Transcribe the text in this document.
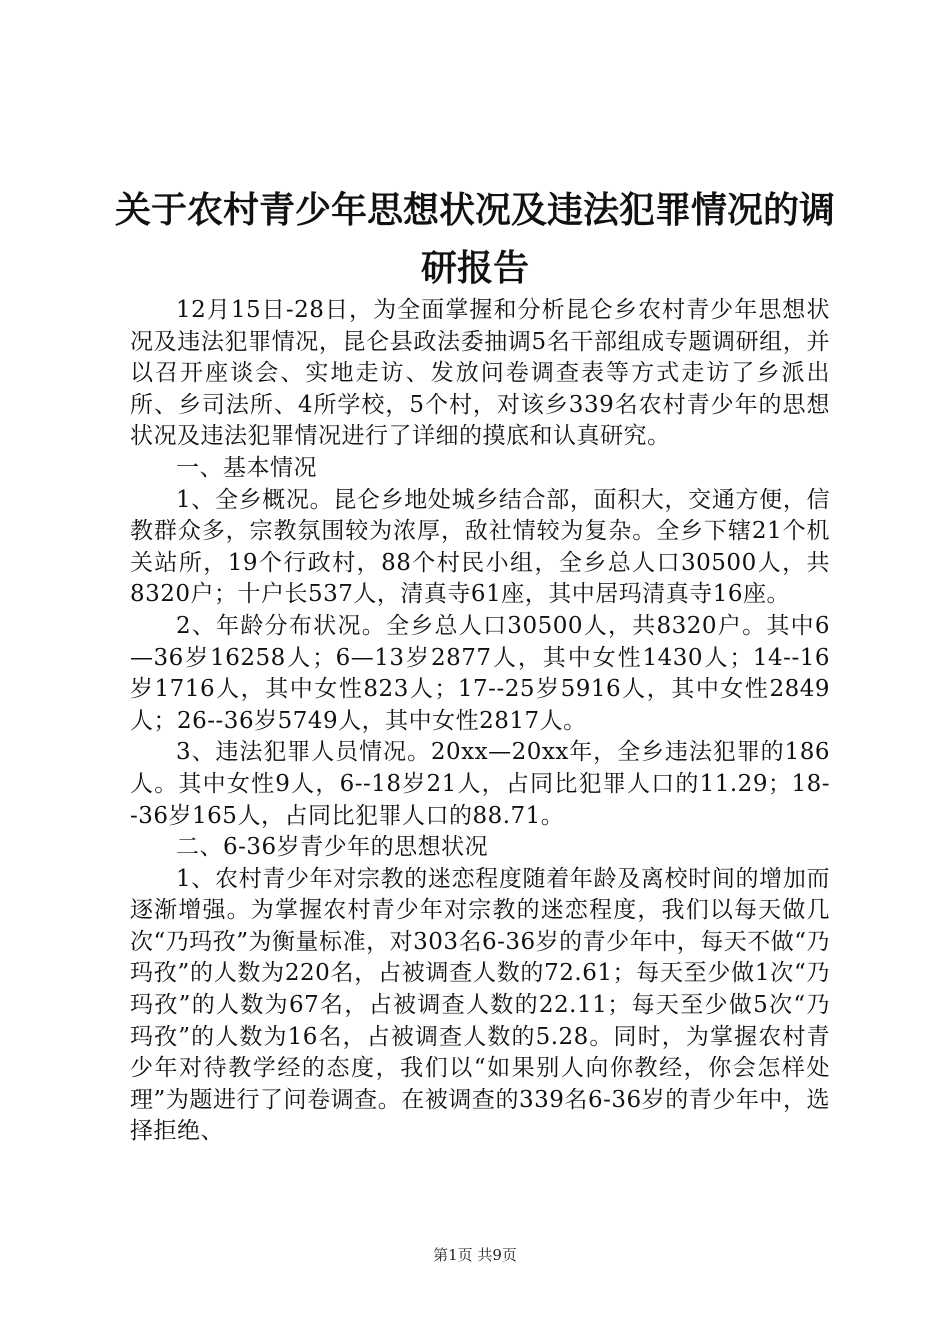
关于农村青少年思想状况及违法犯罪情况的调
研报告

12月15日-28日，为全面掌握和分析昆仑乡农村青少年思想状况及违法犯罪情况，昆仑县政法委抽调5名干部组成专题调研组，并以召开座谈会、实地走访、发放问卷调查表等方式走访了乡派出所、乡司法所、4所学校，5个村，对该乡339名农村青少年的思想状况及违法犯罪情况进行了详细的摸底和认真研究。

一、基本情况

1、全乡概况。昆仑乡地处城乡结合部，面积大，交通方便，信教群众多，宗教氛围较为浓厚，敌社情较为复杂。全乡下辖21个机关站所，19个行政村，88个村民小组，全乡总人口30500人，共8320户；十户长537人，清真寺61座，其中居玛清真寺16座。

2、年龄分布状况。全乡总人口30500人，共8320户。其中6—36岁16258人；6—13岁2877人，其中女性1430人；14--16岁1716人，其中女性823人；17--25岁5916人，其中女性2849人；26--36岁5749人，其中女性2817人。

3、违法犯罪人员情况。20xx—20xx年，全乡违法犯罪的186人。其中女性9人，6--18岁21人，占同比犯罪人口的11.29；18--36岁165人，占同比犯罪人口的88.71。

二、6-36岁青少年的思想状况

1、农村青少年对宗教的迷恋程度随着年龄及离校时间的增加而逐渐增强。为掌握农村青少年对宗教的迷恋程度，我们以每天做几次“乃玛孜”为衡量标准，对303名6-36岁的青少年中，每天不做“乃玛孜”的人数为220名，占被调查人数的72.61；每天至少做1次“乃玛孜”的人数为67名，占被调查人数的22.11；每天至少做5次“乃玛孜”的人数为16名，占被调查人数的5.28。同时，为掌握农村青少年对待教学经的态度，我们以“如果别人向你教经，你会怎样处理”为题进行了问卷调查。在被调查的339名6-36岁的青少年中，选择拒绝、

第1页 共9页
